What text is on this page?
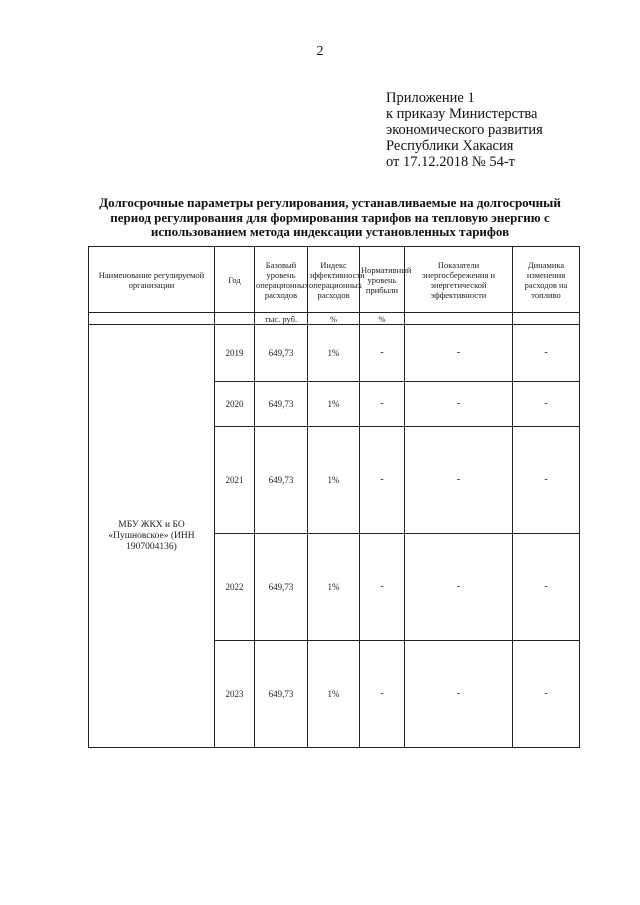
2
Приложение 1
к приказу Министерства
экономического развития
Республики Хакасия
от 17.12.2018 № 54-т
Долгосрочные параметры регулирования, устанавливаемые на долгосрочный
период регулирования для формирования тарифов на тепловую энергию с
использованием метода индексации установленных тарифов
Наименование регулируемой организации	Год	Базовый уровень операционных расходов	Индекс эффективности операционных расходов	Нормативный уровень прибыли	Показатели энергосбережения и энергетической эффективности	Динамика изменения расходов на топливо
		тыс. руб.	%	%		
МБУ ЖКХ и БО «Пушновское» (ИНН 1907004136)	2019	649,73	1%	-	-	-
	2020	649,73	1%	-	-	-
	2021	649,73	1%	-	-	-
	2022	649,73	1%	-	-	-
	2023	649,73	1%	-	-	-
